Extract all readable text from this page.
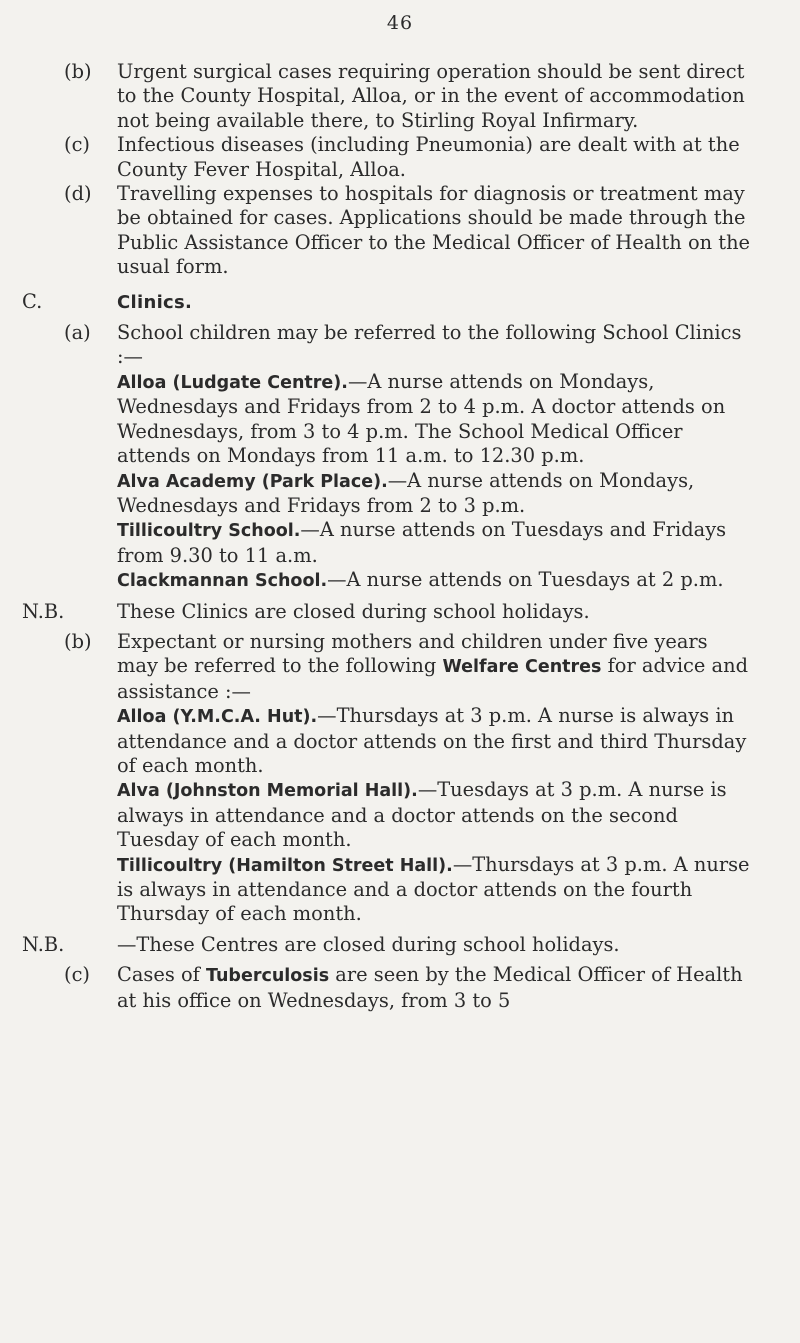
46

(b) Urgent surgical cases requiring operation should be sent direct to the County Hospital, Alloa, or in the event of accommodation not being available there, to Stirling Royal Infirmary.

(c) Infectious diseases (including Pneumonia) are dealt with at the County Fever Hospital, Alloa.

(d) Travelling expenses to hospitals for diagnosis or treatment may be obtained for cases. Applications should be made through the Public Assistance Officer to the Medical Officer of Health on the usual form.

C.	Clinics.

(a) School children may be referred to the following School Clinics :—

Alloa (Ludgate Centre).—A nurse attends on Mondays, Wednesdays and Fridays from 2 to 4 p.m. A doctor attends on Wednesdays, from 3 to 4 p.m. The School Medical Officer attends on Mondays from 11 a.m. to 12.30 p.m.

Alva Academy (Park Place).—A nurse attends on Mondays, Wednesdays and Fridays from 2 to 3 p.m.

Tillicoultry School.—A nurse attends on Tuesdays and Fridays from 9.30 to 11 a.m.

Clackmannan School.—A nurse attends on Tuesdays at 2 p.m.

N.B.	These Clinics are closed during school holidays.

(b) Expectant or nursing mothers and children under five years may be referred to the following Welfare Centres for advice and assistance :—

Alloa (Y.M.C.A. Hut).—Thursdays at 3 p.m. A nurse is always in attendance and a doctor attends on the first and third Thursday of each month.

Alva (Johnston Memorial Hall).—Tuesdays at 3 p.m. A nurse is always in attendance and a doctor attends on the second Tuesday of each month.

Tillicoultry (Hamilton Street Hall).—Thursdays at 3 p.m. A nurse is always in attendance and a doctor attends on the fourth Thursday of each month.

N.B.	—These Centres are closed during school holidays.

(c) Cases of Tuberculosis are seen by the Medical Officer of Health at his office on Wednesdays, from 3 to 5
